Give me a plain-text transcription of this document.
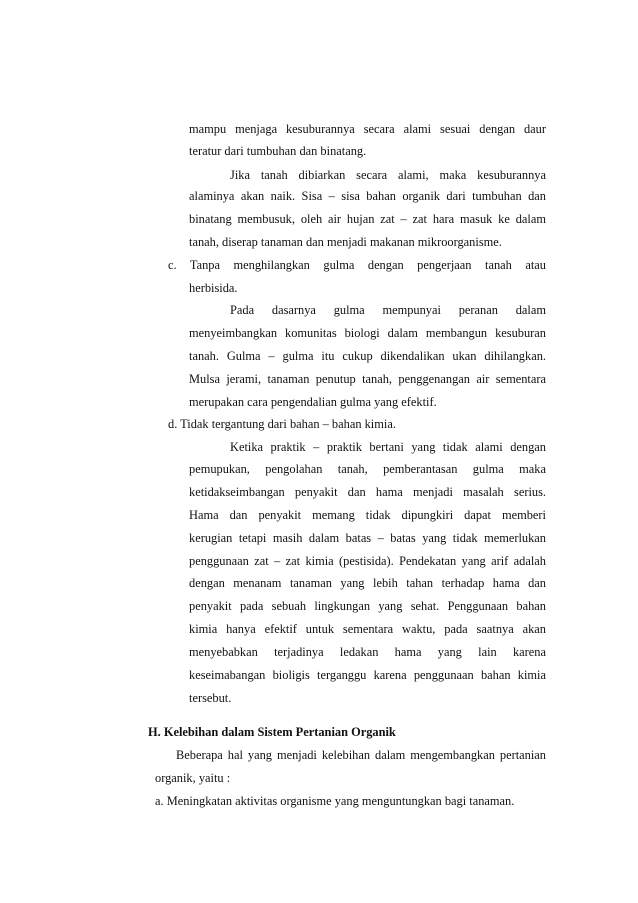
mampu menjaga kesuburannya secara alami sesuai dengan daur
teratur dari tumbuhan dan binatang.
Jika tanah dibiarkan secara alami, maka kesuburannya
alaminya akan naik. Sisa – sisa bahan organik dari tumbuhan dan
binatang membusuk, oleh air hujan zat – zat hara masuk ke dalam
tanah, diserap tanaman dan menjadi makanan mikroorganisme.
c. Tanpa menghilangkan gulma dengan pengerjaan tanah atau
herbisida.
Pada dasarnya gulma mempunyai peranan dalam
menyeimbangkan komunitas biologi dalam membangun kesuburan
tanah. Gulma – gulma itu cukup dikendalikan ukan dihilangkan.
Mulsa jerami, tanaman penutup tanah, penggenangan air sementara
merupakan cara pengendalian gulma yang efektif.
d. Tidak tergantung dari bahan – bahan kimia.
Ketika praktik – praktik bertani yang tidak alami dengan
pemupukan, pengolahan tanah, pemberantasan gulma maka
ketidakseimbangan penyakit dan hama menjadi masalah serius.
Hama dan penyakit memang tidak dipungkiri dapat memberi
kerugian tetapi masih dalam batas – batas yang tidak memerlukan
penggunaan zat – zat kimia (pestisida). Pendekatan yang arif adalah
dengan menanam tanaman yang lebih tahan terhadap hama dan
penyakit pada sebuah lingkungan yang sehat. Penggunaan bahan
kimia hanya efektif untuk sementara waktu, pada saatnya akan
menyebabkan terjadinya ledakan hama yang lain karena
keseimabangan bioligis terganggu karena penggunaan bahan kimia
tersebut.
H. Kelebihan dalam Sistem Pertanian Organik
Beberapa hal yang menjadi kelebihan dalam mengembangkan pertanian
organik, yaitu :
a. Meningkatan aktivitas organisme yang menguntungkan bagi tanaman.
